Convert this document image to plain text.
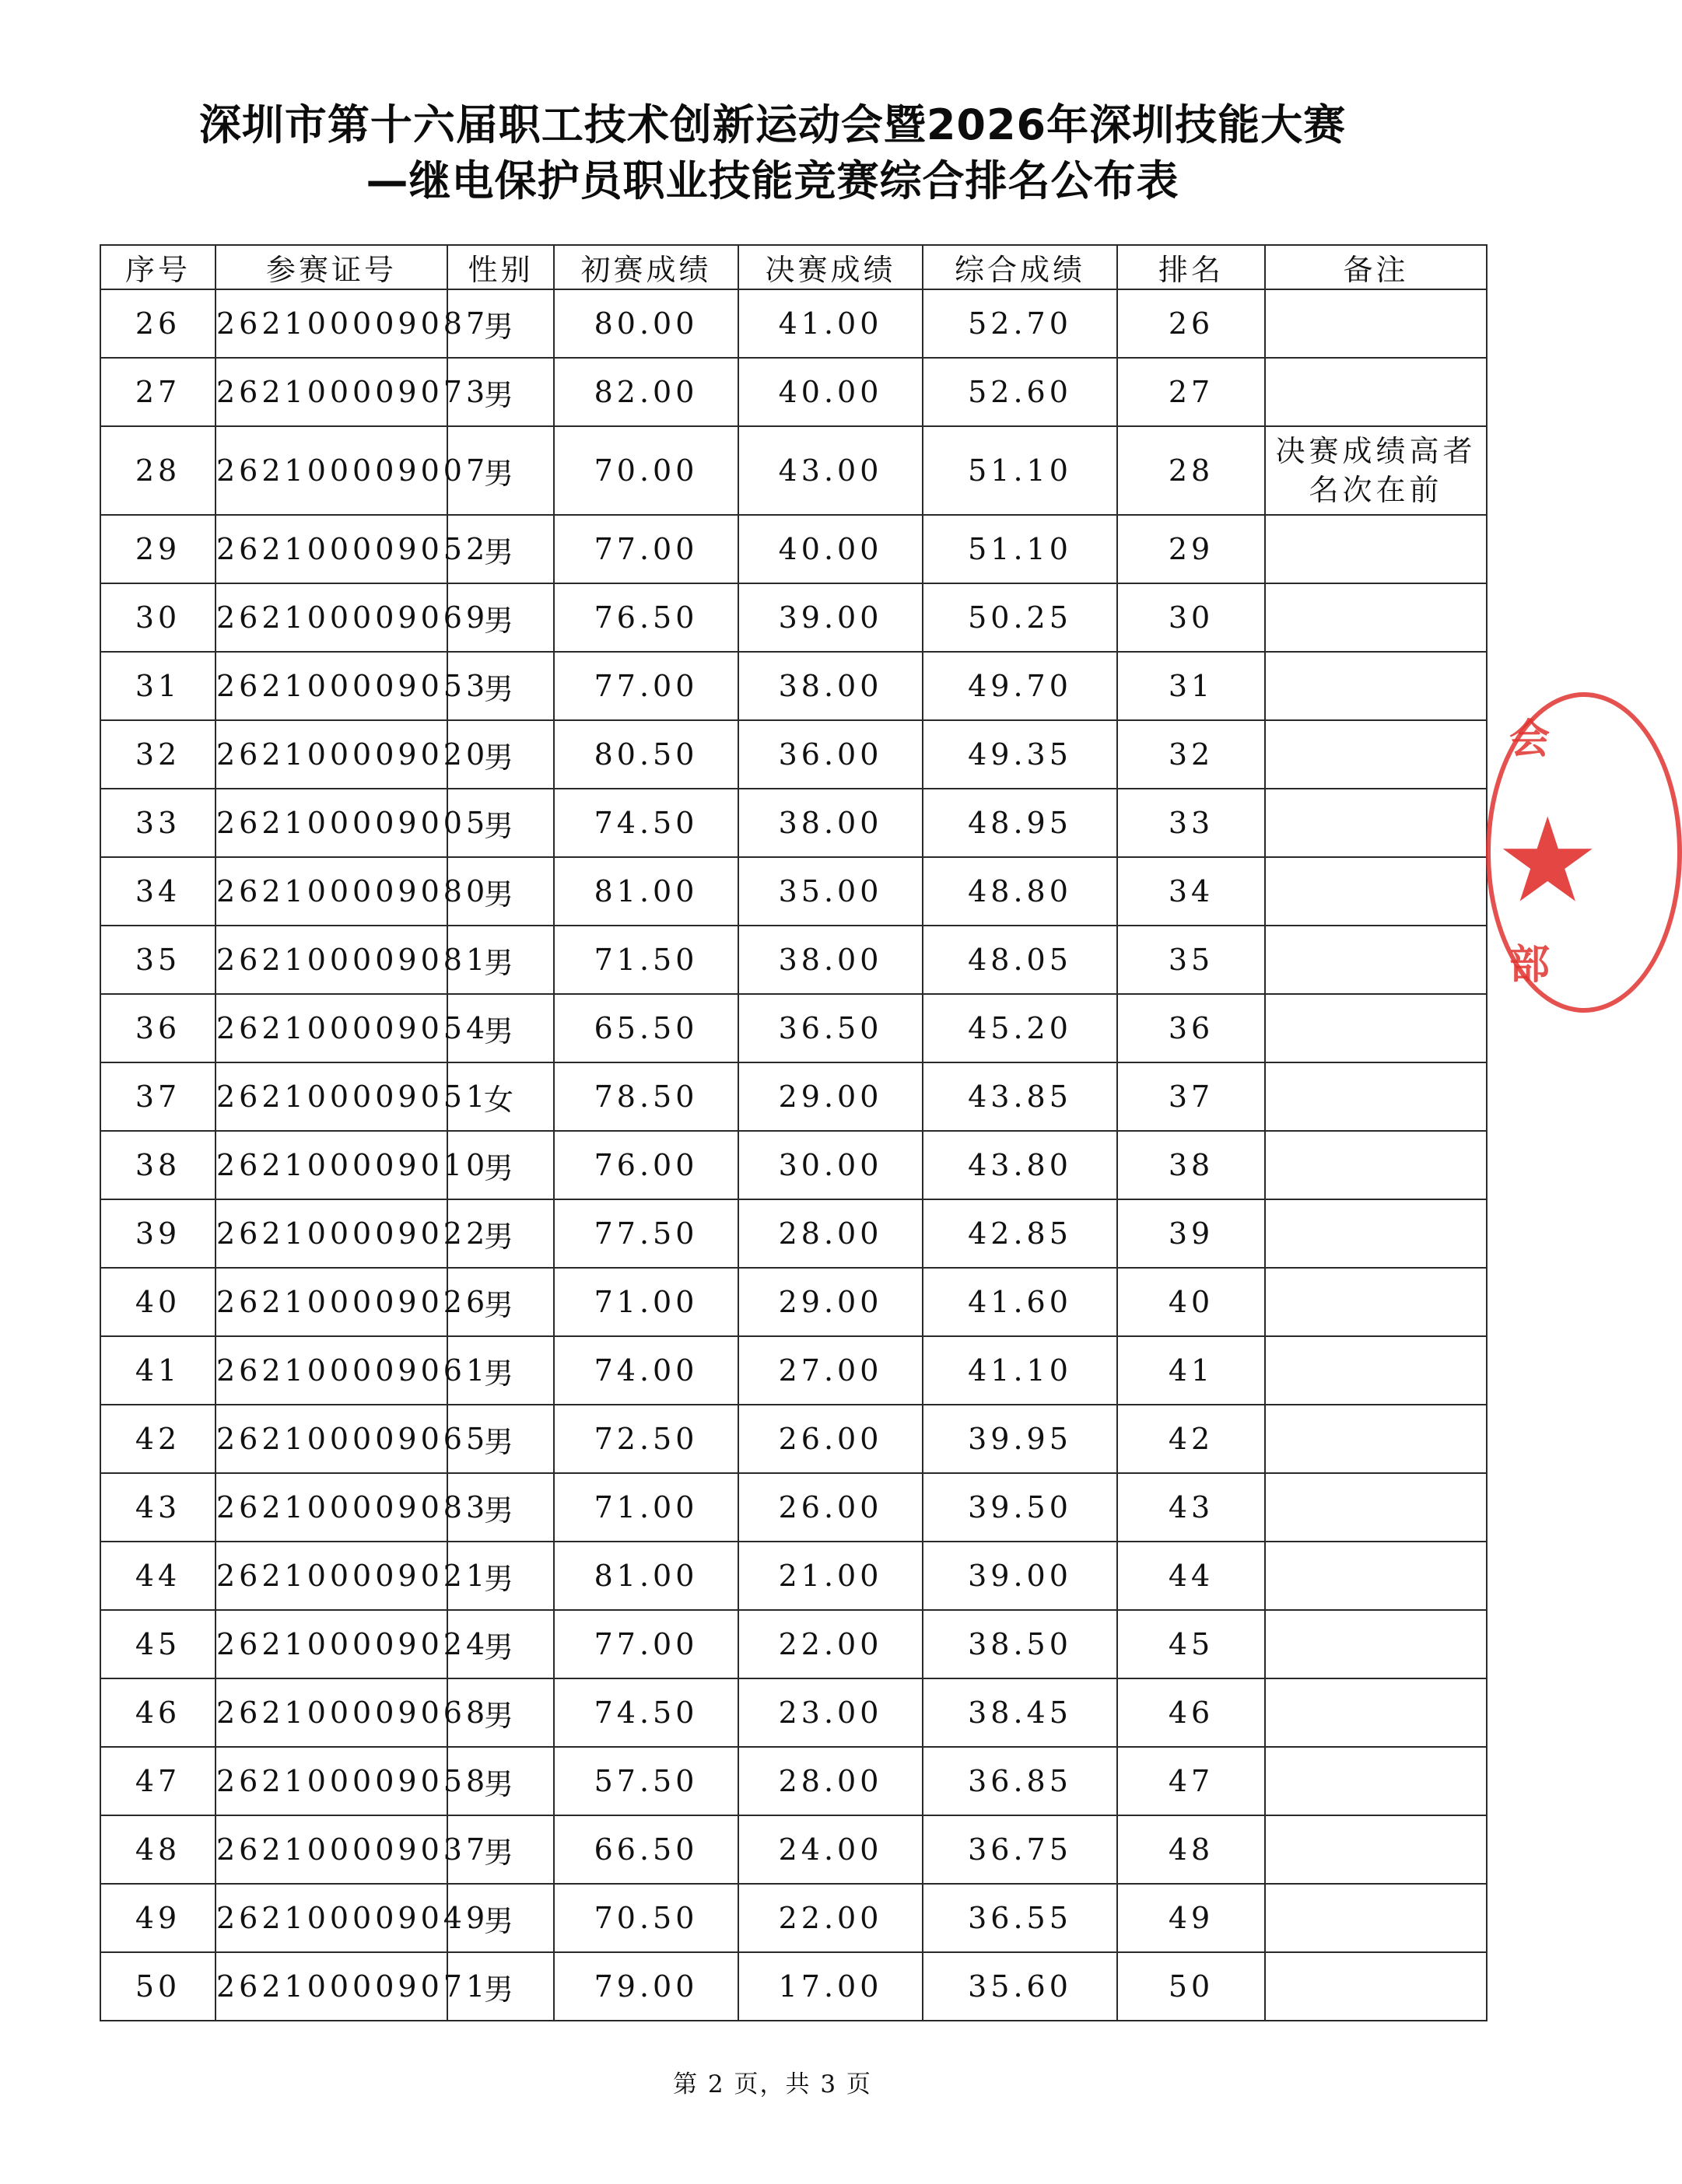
深圳市第十六届职工技术创新运动会暨2026年深圳技能大赛
—继电保护员职业技能竞赛综合排名公布表
序号	参赛证号	性别	初赛成绩	决赛成绩	综合成绩	排名	备注
26	262100009087	男	80.00	41.00	52.70	26	
27	262100009073	男	82.00	40.00	52.60	27	
28	262100009007	男	70.00	43.00	51.10	28	决赛成绩高者名次在前
29	262100009052	男	77.00	40.00	51.10	29	
30	262100009069	男	76.50	39.00	50.25	30	
31	262100009053	男	77.00	38.00	49.70	31	
32	262100009020	男	80.50	36.00	49.35	32	
33	262100009005	男	74.50	38.00	48.95	33	
34	262100009080	男	81.00	35.00	48.80	34	
35	262100009081	男	71.50	38.00	48.05	35	
36	262100009054	男	65.50	36.50	45.20	36	
37	262100009051	女	78.50	29.00	43.85	37	
38	262100009010	男	76.00	30.00	43.80	38	
39	262100009022	男	77.50	28.00	42.85	39	
40	262100009026	男	71.00	29.00	41.60	40	
41	262100009061	男	74.00	27.00	41.10	41	
42	262100009065	男	72.50	26.00	39.95	42	
43	262100009083	男	71.00	26.00	39.50	43	
44	262100009021	男	81.00	21.00	39.00	44	
45	262100009024	男	77.00	22.00	38.50	45	
46	262100009068	男	74.50	23.00	38.45	46	
47	262100009058	男	57.50	28.00	36.85	47	
48	262100009037	男	66.50	24.00	36.75	48	
49	262100009049	男	70.50	22.00	36.55	49	
50	262100009071	男	79.00	17.00	35.60	50	
第 2 页，共 3 页
会
★
部
